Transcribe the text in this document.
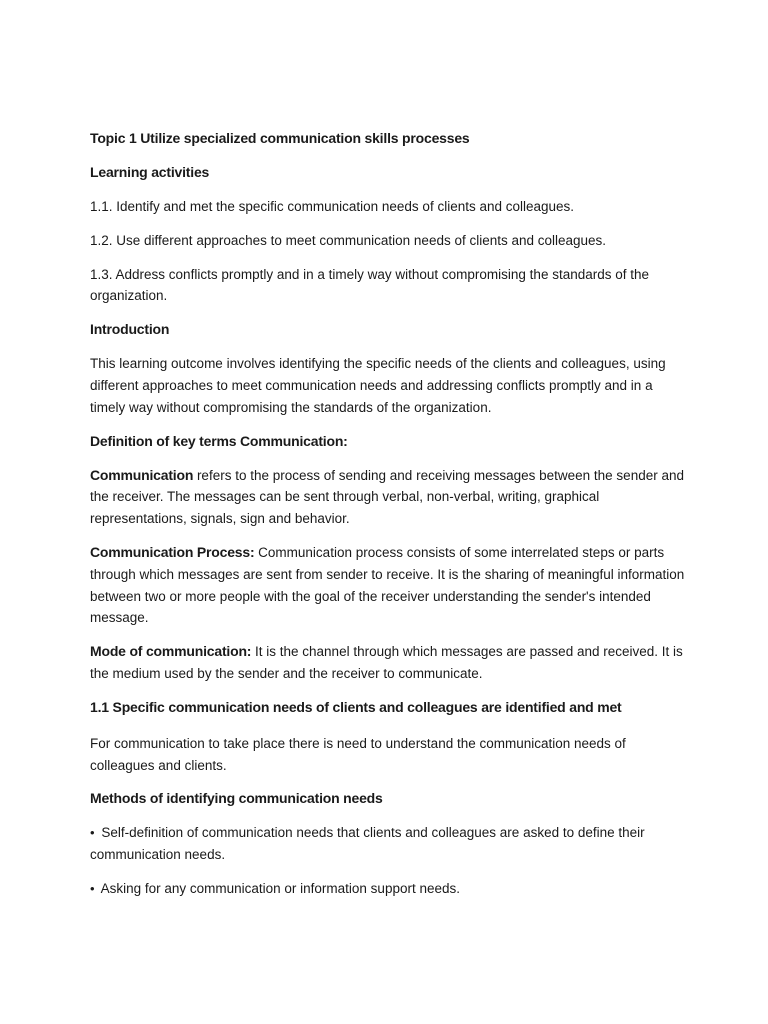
Topic 1 Utilize specialized communication skills processes
Learning activities

1.1. Identify and met the specific communication needs of clients and colleagues.

1.2. Use different approaches to meet communication needs of clients and colleagues.

1.3. Address conflicts promptly and in a timely way without compromising the standards of the organization.

Introduction

This learning outcome involves identifying the specific needs of the clients and colleagues, using different approaches to meet communication needs and addressing conflicts promptly and in a timely way without compromising the standards of the organization.

Definition of key terms Communication:

Communication refers to the process of sending and receiving messages between the sender and the receiver. The messages can be sent through verbal, non-verbal, writing, graphical representations, signals, sign and behavior.

Communication Process: Communication process consists of some interrelated steps or parts through which messages are sent from sender to receive. It is the sharing of meaningful information between two or more people with the goal of the receiver understanding the sender's intended message.

Mode of communication: It is the channel through which messages are passed and received. It is the medium used by the sender and the receiver to communicate.

1.1 Specific communication needs of clients and colleagues are identified and met

For communication to take place there is need to understand the communication needs of colleagues and clients.

Methods of identifying communication needs

• Self-definition of communication needs that clients and colleagues are asked to define their communication needs.

• Asking for any communication or information support needs.
